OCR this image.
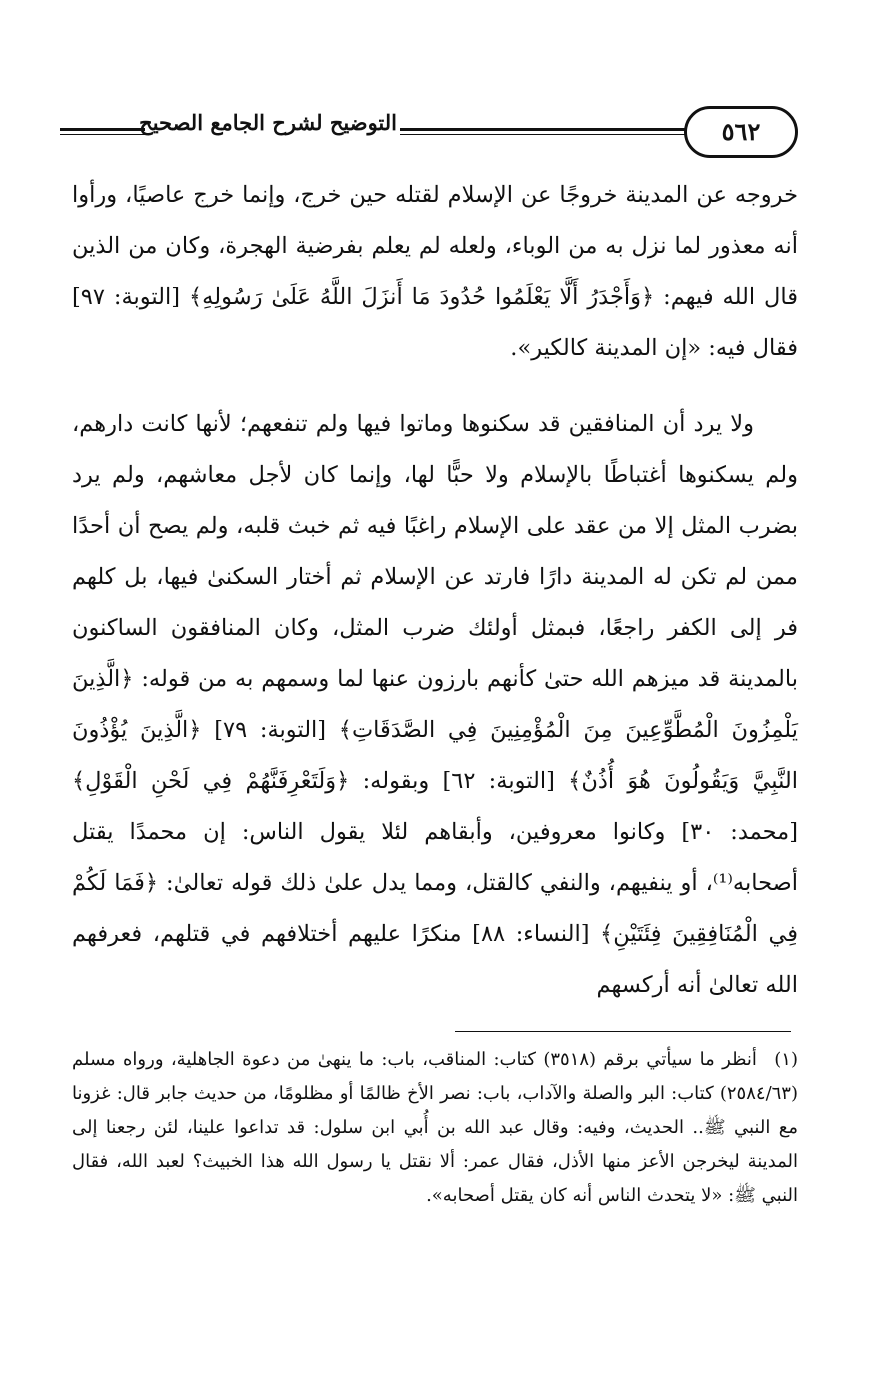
التوضيح لشرح الجامع الصحيح	٥٦٢

خروجه عن المدينة خروجًا عن الإسلام لقتله حين خرج، وإنما خرج عاصيًا، ورأوا أنه معذور لما نزل به من الوباء، ولعله لم يعلم بفرضية الهجرة، وكان من الذين قال الله فيهم: ﴿وَأَجْدَرُ أَلَّا يَعْلَمُوا حُدُودَ مَا أَنزَلَ اللَّهُ عَلَىٰ رَسُولِهِ﴾ [التوبة: ٩٧] فقال فيه: «إن المدينة كالكير».

ولا يرد أن المنافقين قد سكنوها وماتوا فيها ولم تنفعهم؛ لأنها كانت دارهم، ولم يسكنوها أغتباطًا بالإسلام ولا حبًّا لها، وإنما كان لأجل معاشهم، ولم يرد بضرب المثل إلا من عقد على الإسلام راغبًا فيه ثم خبث قلبه، ولم يصح أن أحدًا ممن لم تكن له المدينة دارًا فارتد عن الإسلام ثم أختار السكنىٰ فيها، بل كلهم فر إلى الكفر راجعًا، فبمثل أولئك ضرب المثل، وكان المنافقون الساكنون بالمدينة قد ميزهم الله حتىٰ كأنهم بارزون عنها لما وسمهم به من قوله: ﴿الَّذِينَ يَلْمِزُونَ الْمُطَّوِّعِينَ مِنَ الْمُؤْمِنِينَ فِي الصَّدَقَاتِ﴾ [التوبة: ٧٩] ﴿الَّذِينَ يُؤْذُونَ النَّبِيَّ وَيَقُولُونَ هُوَ أُذُنٌ﴾ [التوبة: ٦٢] وبقوله: ﴿وَلَتَعْرِفَنَّهُمْ فِي لَحْنِ الْقَوْلِ﴾ [محمد: ٣٠] وكانوا معروفين، وأبقاهم لئلا يقول الناس: إن محمدًا يقتل أصحابه⁽¹⁾، أو ينفيهم، والنفي كالقتل، ومما يدل علىٰ ذلك قوله تعالىٰ: ﴿فَمَا لَكُمْ فِي الْمُنَافِقِينَ فِئَتَيْنِ﴾ [النساء: ٨٨] منكرًا عليهم أختلافهم في قتلهم، فعرفهم الله تعالىٰ أنه أركسهم

(١) أنظر ما سيأتي برقم (٣٥١٨) كتاب: المناقب، باب: ما ينهىٰ من دعوة الجاهلية، ورواه مسلم (٢٥٨٤/٦٣) كتاب: البر والصلة والآداب، باب: نصر الأخ ظالمًا أو مظلومًا، من حديث جابر قال: غزونا مع النبي ﷺ.. الحديث، وفيه: وقال عبد الله بن أُبي ابن سلول: قد تداعوا علينا، لئن رجعنا إلى المدينة ليخرجن الأعز منها الأذل، فقال عمر: ألا نقتل يا رسول الله هذا الخبيث؟ لعبد الله، فقال النبي ﷺ: «لا يتحدث الناس أنه كان يقتل أصحابه».
